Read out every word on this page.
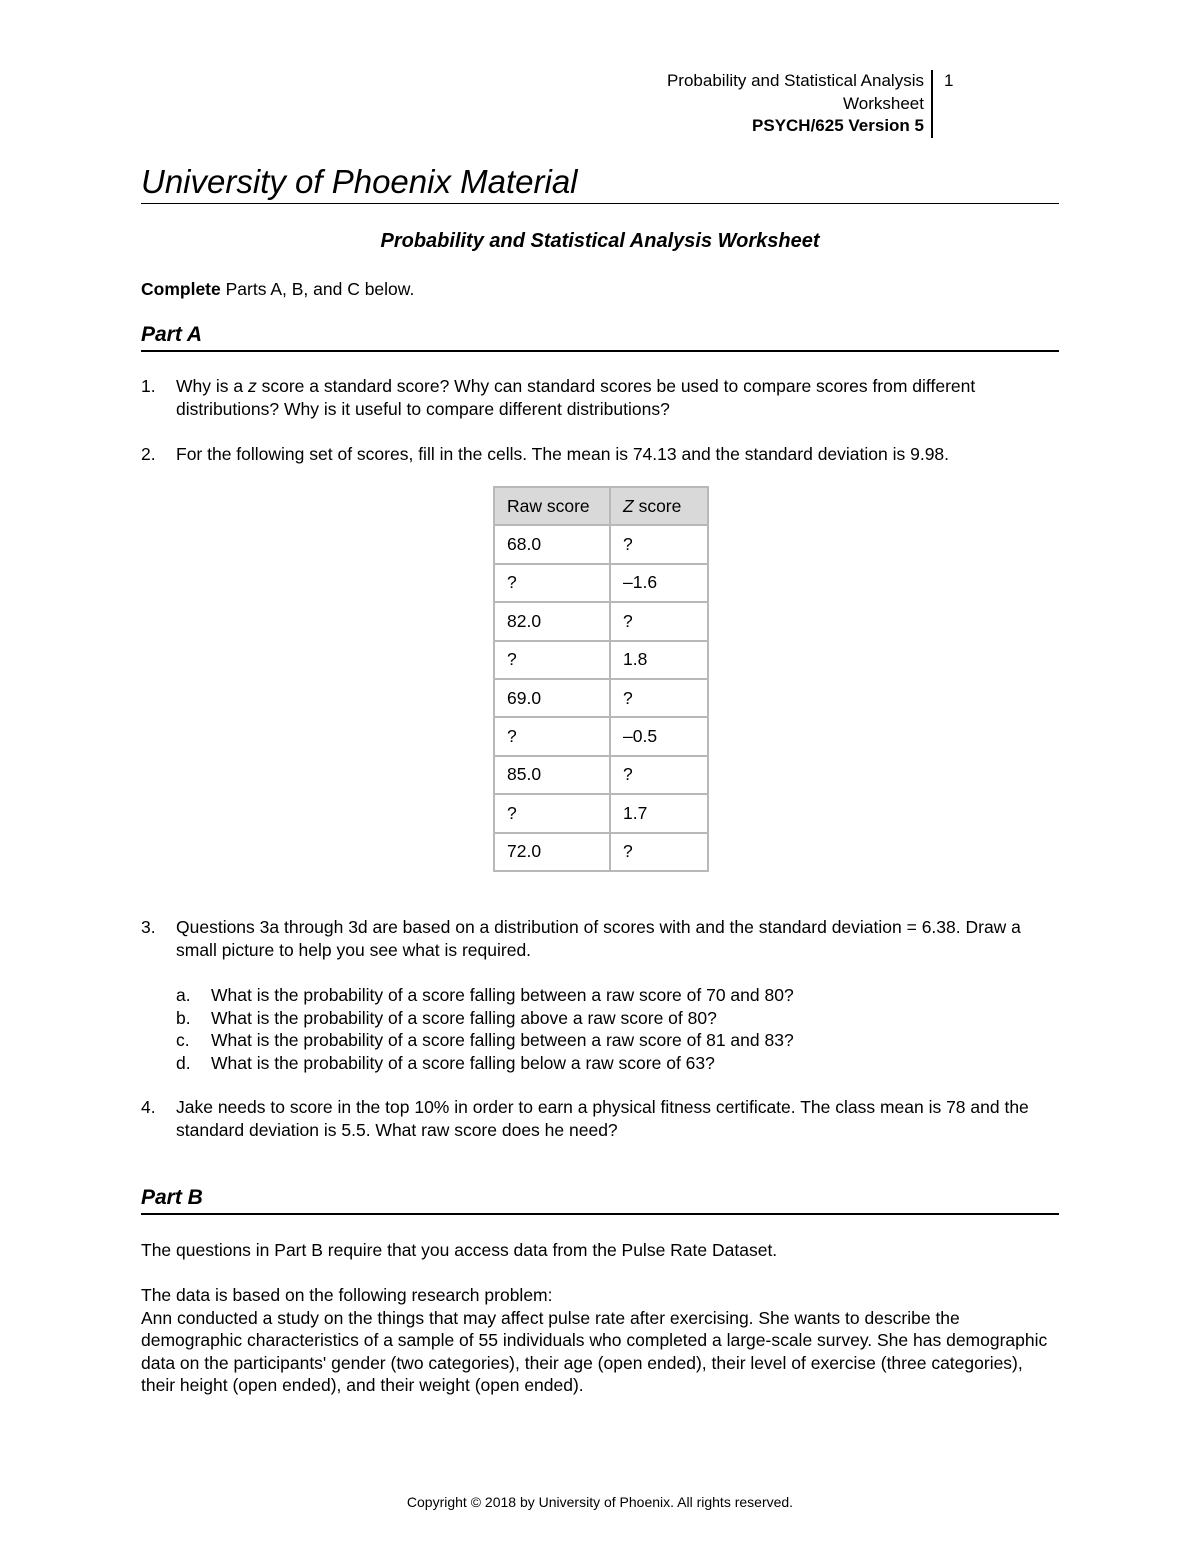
Probability and Statistical Analysis
Worksheet
PSYCH/625 Version 5
1
University of Phoenix Material
Probability and Statistical Analysis Worksheet
Complete Parts A, B, and C below.
Part A
1. Why is a z score a standard score? Why can standard scores be used to compare scores from different distributions? Why is it useful to compare different distributions?
2. For the following set of scores, fill in the cells. The mean is 74.13 and the standard deviation is 9.98.
Raw score	Z score
68.0	?
?	–1.6
82.0	?
?	1.8
69.0	?
?	–0.5
85.0	?
?	1.7
72.0	?
3. Questions 3a through 3d are based on a distribution of scores with and the standard deviation = 6.38. Draw a small picture to help you see what is required.
a. What is the probability of a score falling between a raw score of 70 and 80?
b. What is the probability of a score falling above a raw score of 80?
c. What is the probability of a score falling between a raw score of 81 and 83?
d. What is the probability of a score falling below a raw score of 63?
4. Jake needs to score in the top 10% in order to earn a physical fitness certificate. The class mean is 78 and the standard deviation is 5.5. What raw score does he need?
Part B
The questions in Part B require that you access data from the Pulse Rate Dataset.
The data is based on the following research problem:
Ann conducted a study on the things that may affect pulse rate after exercising. She wants to describe the demographic characteristics of a sample of 55 individuals who completed a large-scale survey. She has demographic data on the participants' gender (two categories), their age (open ended), their level of exercise (three categories), their height (open ended), and their weight (open ended).
Copyright © 2018 by University of Phoenix. All rights reserved.
